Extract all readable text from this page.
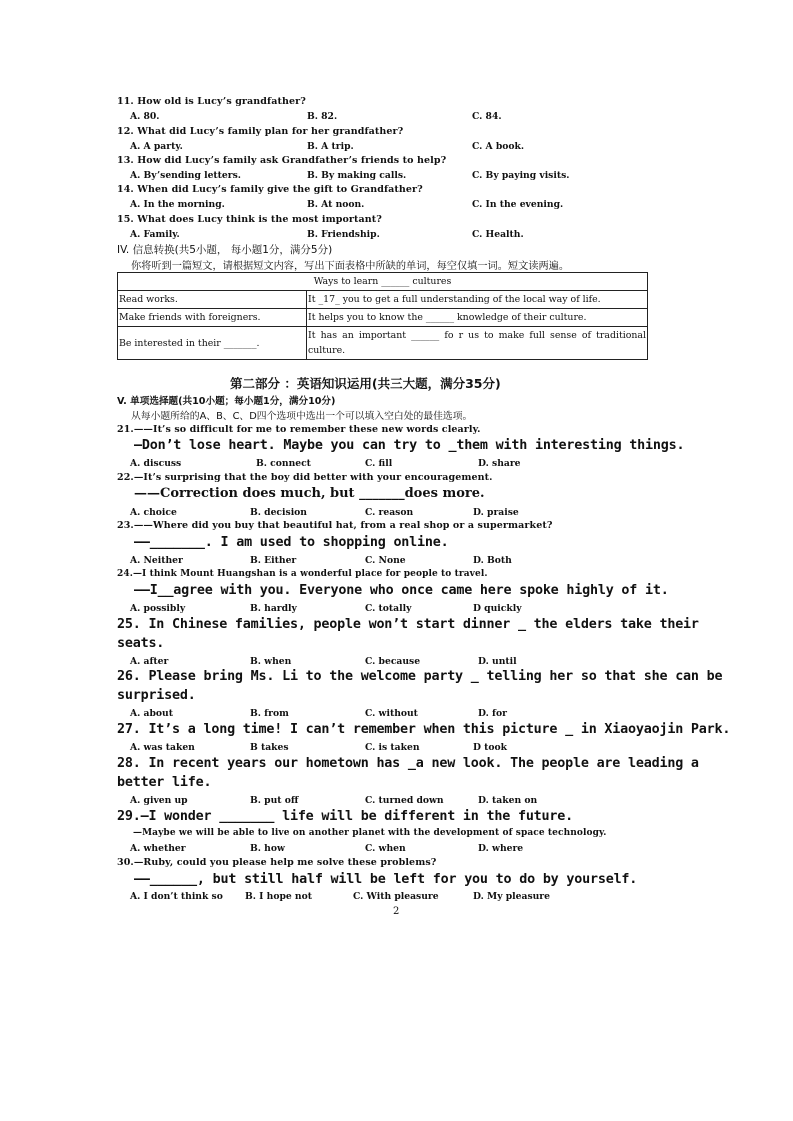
11. How old is Lucy’s grandfather?
A. 80.	B. 82.	C. 84.
12. What did Lucy’s family plan for her grandfather?
A. A party.	B. A trip.	C. A book.
13. How did Lucy’s family ask Grandfather’s friends to help?
A. By’sending letters.	B. By making calls.	C. By paying visits.
14. When did Lucy’s family give the gift to Grandfather?
A. In the morning.	B. At noon.	C. In the evening.
15. What does Lucy think is the most important?
A. Family.	B. Friendship.	C. Health.
IV. 信息转换(共5小题， 每小题1分，满分5分)
你将听到一篇短文，请根据短文内容，写出下面表格中所缺的单词，每空仅填一词。短文读两遍。
Ways to learn ______ cultures	
Read works.	It _17_ you to get a full understanding of the local way of life.
Make friends with foreigners.	It helps you to know the ______ knowledge of their culture.
Be interested in their _______.	It has an important ______ fo r us to make full sense of traditional culture.
第二部分 ：英语知识运用(共三大题，满分35分)
V. 单项选择题(共10小题；每小题1分，满分10分)
从每小题所给的A、B、C、D四个选项中选出一个可以填入空白处的最佳选项。
21.——It’s so difficult for me to remember these new words clearly.
—Don’t lose heart. Maybe you can try to _them with interesting things.
A. discuss	B. connect	C. fill	D. share
22.—It’s surprising that the boy did better with your encouragement.
——Correction does much, but _______does more.
A. choice	B. decision	C. reason	D. praise
23.——Where did you buy that beautiful hat, from a real shop or a supermarket?
——_______. I am used to shopping online.
A. Neither	B. Either	C. None	D. Both
24.—I think Mount Huangshan is a wonderful place for people to travel.
——I__agree with you. Everyone who once came here spoke highly of it.
A. possibly	B. hardly	C. totally	D quickly
25. In Chinese families, people won’t start dinner _ the elders take their
seats.
A. after	B. when	C. because	D. until
26. Please bring Ms. Li to the welcome party _ telling her so that she can be
surprised.
A. about	B. from	C. without	D. for
27. It’s a long time! I can’t remember when this picture _ in Xiaoyaojin Park.
A. was taken	B takes	C. is taken	D took
28. In recent years our hometown has _a new look. The people are leading a
better life.
A. given up	B. put off	C. turned down	D. taken on
29.—I wonder _______ life will be different in the future.
—Maybe we will be able to live on another planet with the development of space technology.
A. whether	B. how	C. when	D. where
30.—Ruby, could you please help me solve these problems?
——______, but still half will be left for you to do by yourself.
A. I don’t think so B. I hope not	C. With pleasure	D. My pleasure
2
